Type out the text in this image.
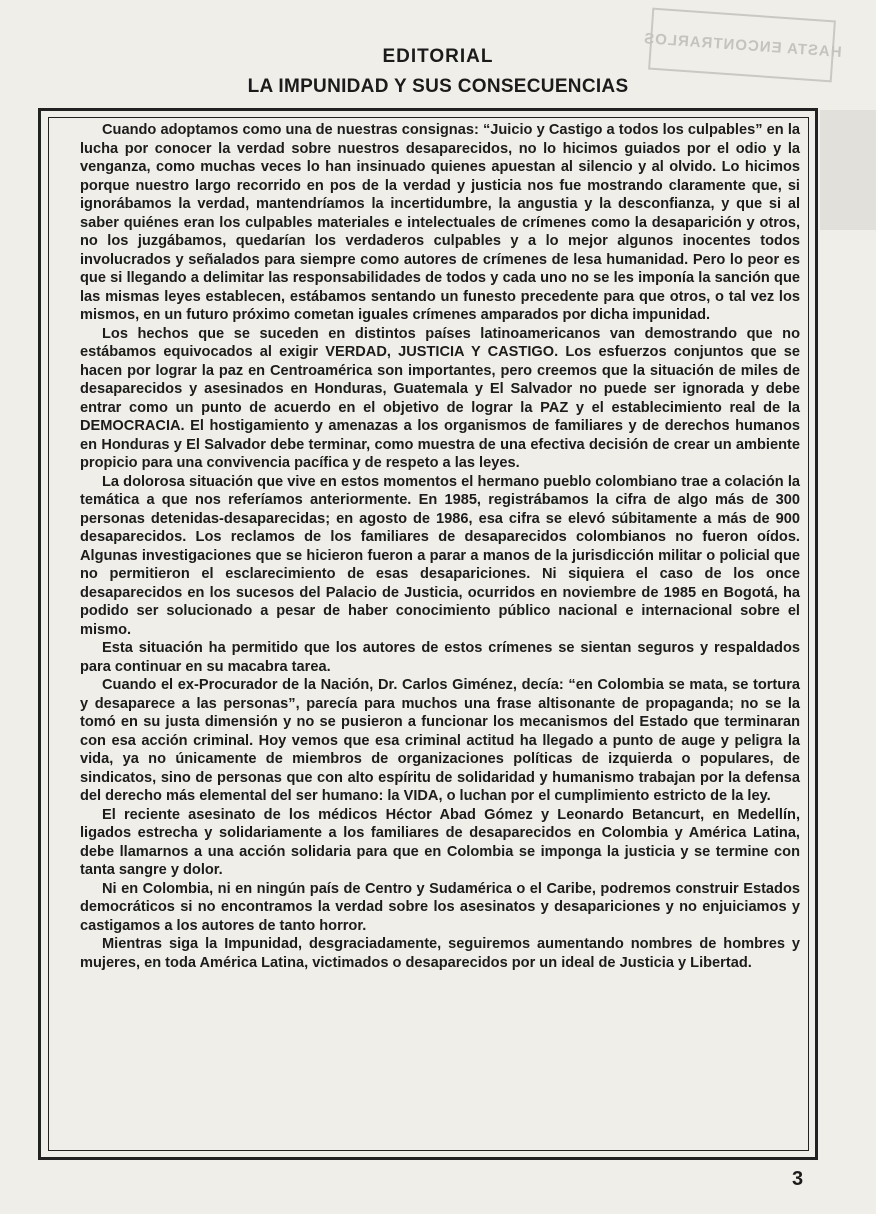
HASTA ENCONTRARLOS
EDITORIAL
LA IMPUNIDAD Y SUS CONSECUENCIAS

Cuando adoptamos como una de nuestras consignas: “Juicio y Castigo a todos los culpables” en la lucha por conocer la verdad sobre nuestros desaparecidos, no lo hicimos guiados por el odio y la venganza, como muchas veces lo han insinuado quienes apuestan al silencio y al olvido. Lo hicimos porque nuestro largo recorrido en pos de la verdad y justicia nos fue mostrando claramente que, si ignorábamos la verdad, mantendríamos la incertidumbre, la angustia y la desconfianza, y que si al saber quiénes eran los culpables materiales e intelectuales de crímenes como la desaparición y otros, no los juzgábamos, quedarían los verdaderos culpables y a lo mejor algunos inocentes todos involucrados y señalados para siempre como autores de crímenes de lesa humanidad. Pero lo peor es que si llegando a delimitar las responsabilidades de todos y cada uno no se les imponía la sanción que las mismas leyes establecen, estábamos sentando un funesto precedente para que otros, o tal vez los mismos, en un futuro próximo cometan iguales crímenes amparados por dicha impunidad.

Los hechos que se suceden en distintos países latinoamericanos van demostrando que no estábamos equivocados al exigir VERDAD, JUSTICIA Y CASTIGO. Los esfuerzos conjuntos que se hacen por lograr la paz en Centroamérica son importantes, pero creemos que la situación de miles de desaparecidos y asesinados en Honduras, Guatemala y El Salvador no puede ser ignorada y debe entrar como un punto de acuerdo en el objetivo de lograr la PAZ y el establecimiento real de la DEMOCRACIA. El hostigamiento y amenazas a los organismos de familiares y de derechos humanos en Honduras y El Salvador debe terminar, como muestra de una efectiva decisión de crear un ambiente propicio para una convivencia pacífica y de respeto a las leyes.

La dolorosa situación que vive en estos momentos el hermano pueblo colombiano trae a colación la temática a que nos referíamos anteriormente. En 1985, registrábamos la cifra de algo más de 300 personas detenidas-desaparecidas; en agosto de 1986, esa cifra se elevó súbitamente a más de 900 desaparecidos. Los reclamos de los familiares de desaparecidos colombianos no fueron oídos. Algunas investigaciones que se hicieron fueron a parar a manos de la jurisdicción militar o policial que no permitieron el esclarecimiento de esas desapariciones. Ni siquiera el caso de los once desaparecidos en los sucesos del Palacio de Justicia, ocurridos en noviembre de 1985 en Bogotá, ha podido ser solucionado a pesar de haber conocimiento público nacional e internacional sobre el mismo.

Esta situación ha permitido que los autores de estos crímenes se sientan seguros y respaldados para continuar en su macabra tarea.

Cuando el ex-Procurador de la Nación, Dr. Carlos Giménez, decía: “en Colombia se mata, se tortura y desaparece a las personas”, parecía para muchos una frase altisonante de propaganda; no se la tomó en su justa dimensión y no se pusieron a funcionar los mecanismos del Estado que terminaran con esa acción criminal. Hoy vemos que esa criminal actitud ha llegado a punto de auge y peligra la vida, ya no únicamente de miembros de organizaciones políticas de izquierda o populares, de sindicatos, sino de personas que con alto espíritu de solidaridad y humanismo trabajan por la defensa del derecho más elemental del ser humano: la VIDA, o luchan por el cumplimiento estricto de la ley.

El reciente asesinato de los médicos Héctor Abad Gómez y Leonardo Betancurt, en Medellín, ligados estrecha y solidariamente a los familiares de desaparecidos en Colombia y América Latina, debe llamarnos a una acción solidaria para que en Colombia se imponga la justicia y se termine con tanta sangre y dolor.

Ni en Colombia, ni en ningún país de Centro y Sudamérica o el Caribe, podremos construir Estados democráticos si no encontramos la verdad sobre los asesinatos y desapariciones y no enjuiciamos y castigamos a los autores de tanto horror.

Mientras siga la Impunidad, desgraciadamente, seguiremos aumentando nombres de hombres y mujeres, en toda América Latina, victimados o desaparecidos por un ideal de Justicia y Libertad.

3
